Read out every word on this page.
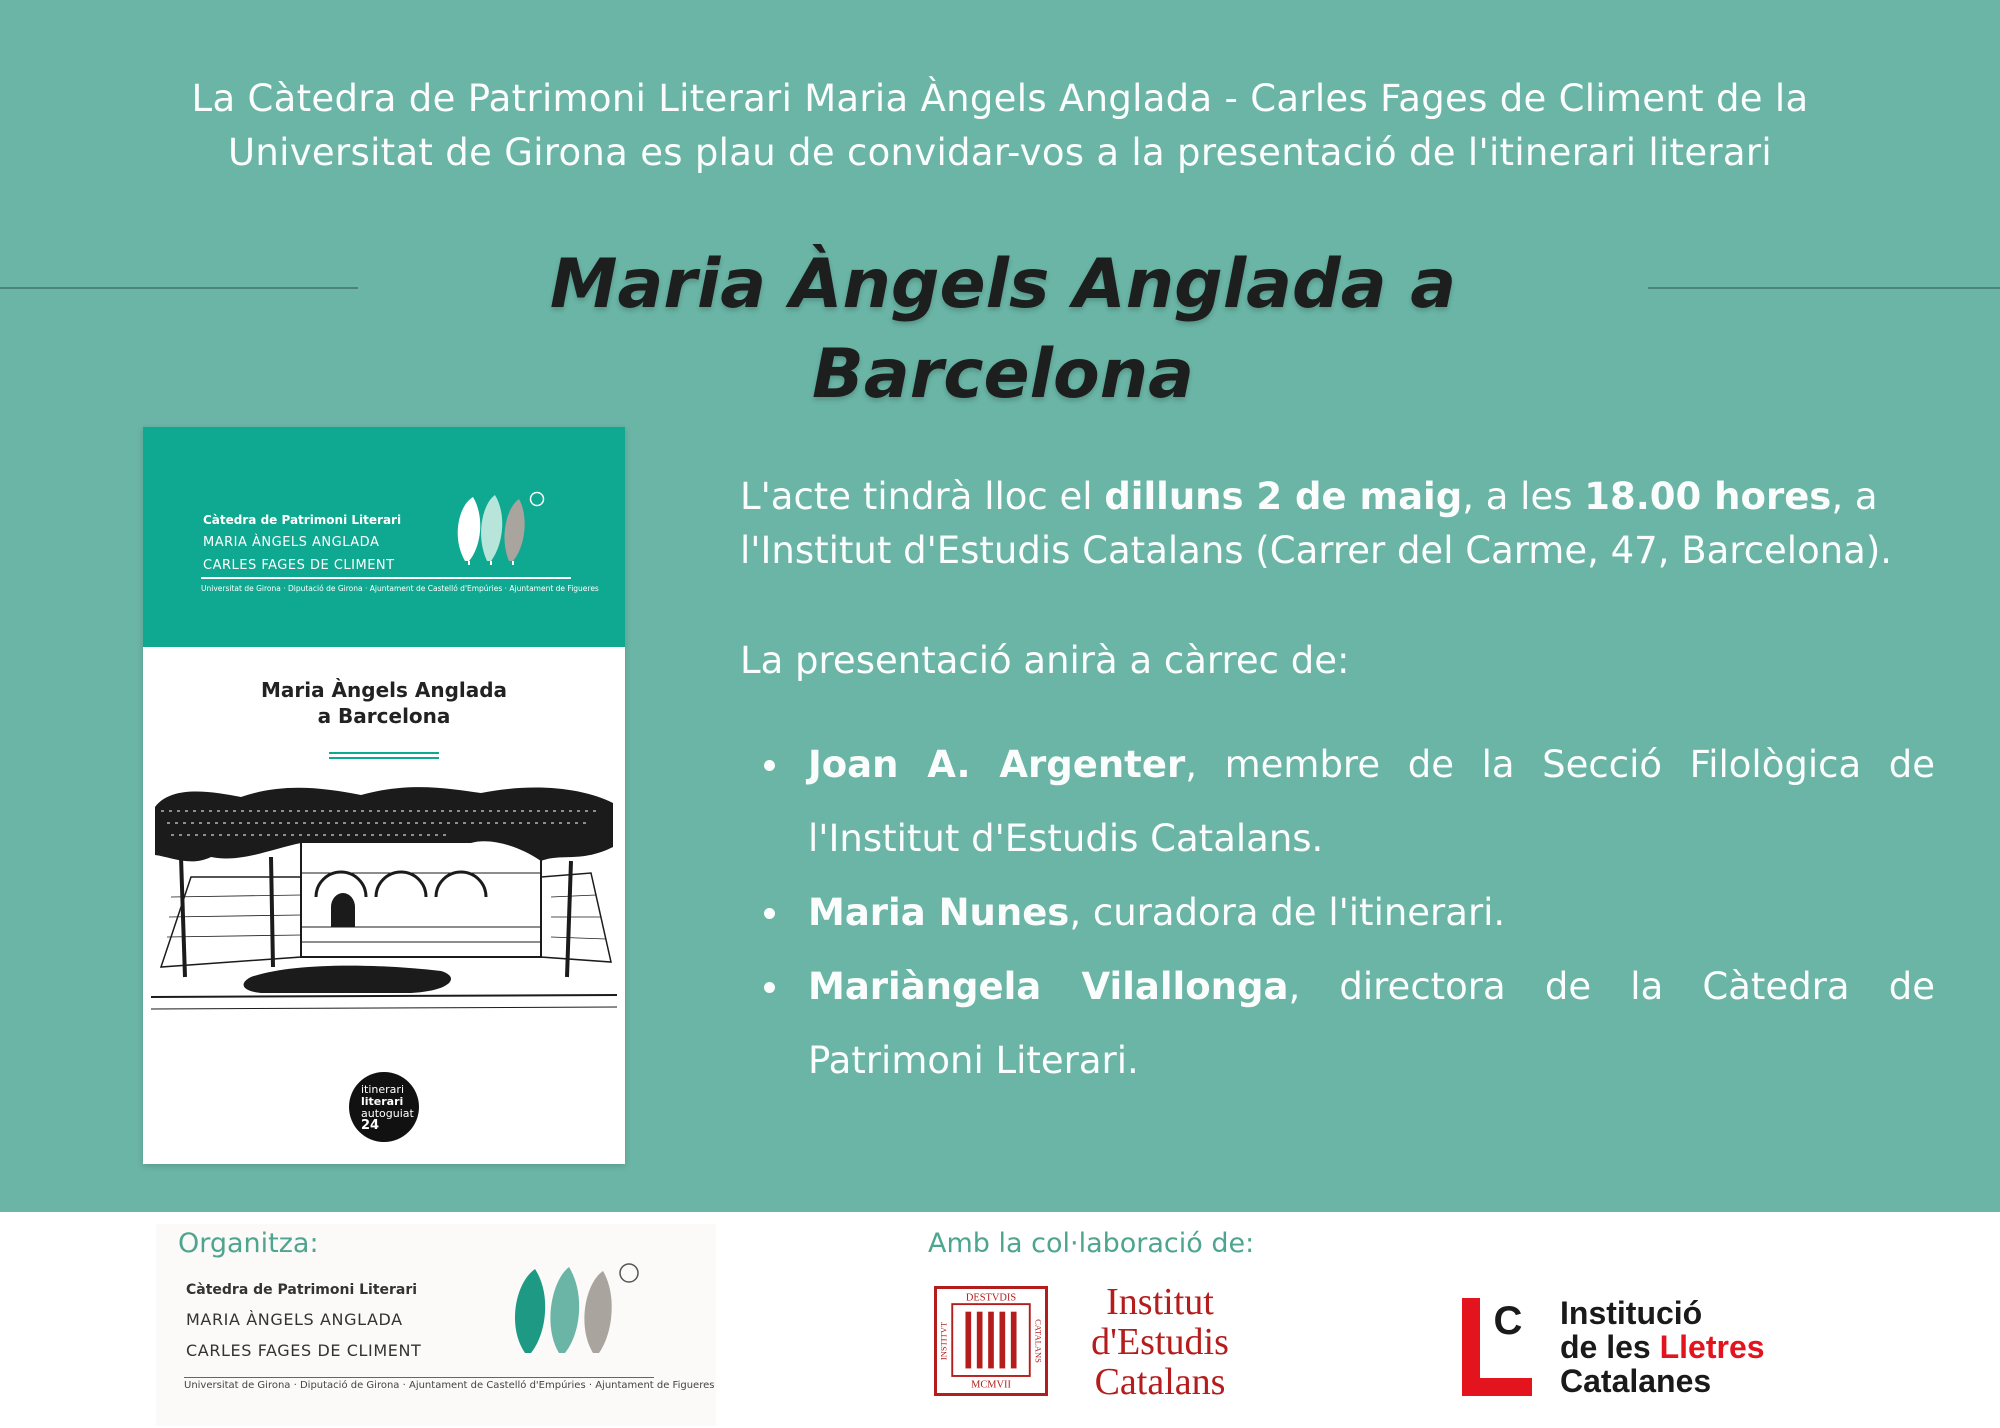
La Càtedra de Patrimoni Literari Maria Àngels Anglada - Carles Fages de Climent de la
Universitat de Girona es plau de convidar-vos a la presentació de l'itinerari literari
Maria Àngels Anglada a Barcelona
Càtedra de Patrimoni Literari
MARIA ÀNGELS ANGLADA
CARLES FAGES DE CLIMENT
Universitat de Girona · Diputació de Girona · Ajuntament de Castelló d'Empúries · Ajuntament de Figueres
Maria Àngels Anglada
a Barcelona
itinerari
literari
autoguiat
24

L'acte tindrà lloc el dilluns 2 de maig, a les 18.00 hores, a l'Institut d'Estudis Catalans (Carrer del Carme, 47, Barcelona).

La presentació anirà a càrrec de:

Joan A. Argenter, membre de la Secció Filològica de l'Institut d'Estudis Catalans.
Maria Nunes, curadora de l'itinerari.
Mariàngela Vilallonga, directora de la Càtedra de Patrimoni Literari.
Organitza:
Càtedra de Patrimoni Literari
MARIA ÀNGELS ANGLADA
CARLES FAGES DE CLIMENT
Universitat de Girona · Diputació de Girona · Ajuntament de Castelló d'Empúries · Ajuntament de Figueres
Amb la col·laboració de:
DESTVDIS
MCMVII
INSTITVT	CATALANS
Institut
d'Estudis
Catalans
C Institució
de les Lletres
Catalanes
